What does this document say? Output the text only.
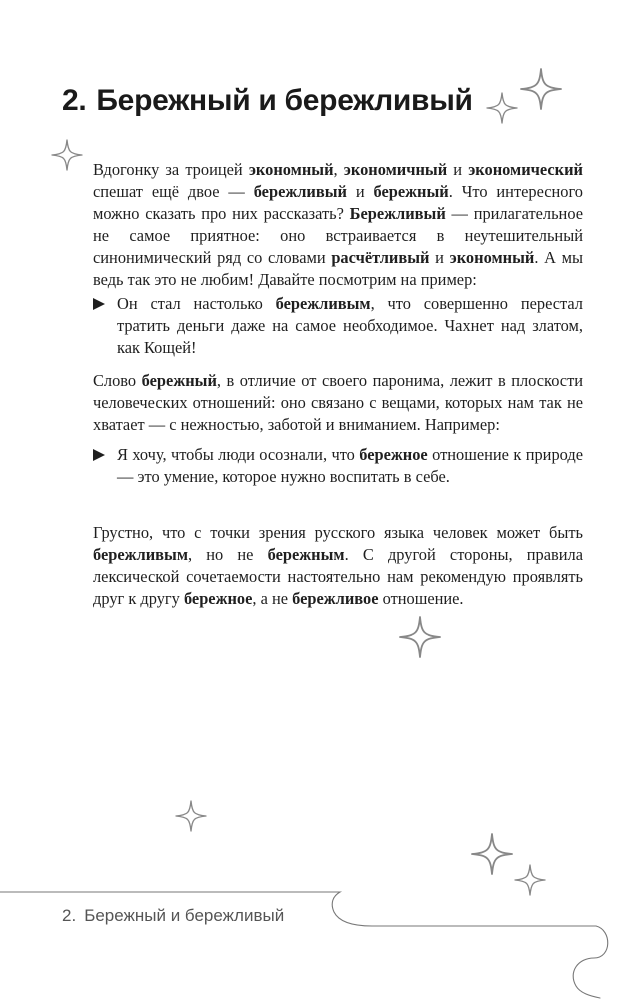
2. Бережный и бережливый

Вдогонку за троицей экономный, экономичный и экономический спешат ещё двое — бережливый и бережный. Что интересного можно сказать про них рассказать? Бережливый — прилагательное не самое приятное: оно встраивается в неутешительный синонимический ряд со словами расчётливый и экономный. А мы ведь так это не любим! Давайте посмотрим на пример:

Он стал настолько бережливым, что совершенно перестал тратить деньги даже на самое необходимое. Чахнет над златом, как Кощей!

Слово бережный, в отличие от своего паронима, лежит в плоскости человеческих отношений: оно связано с вещами, которых нам так не хватает — с нежностью, заботой и вниманием. Например:

Я хочу, чтобы люди осознали, что бережное отношение к природе — это умение, которое нужно воспитать в себе.

Грустно, что с точки зрения русского языка человек может быть бережливым, но не бережным. С другой стороны, правила лексической сочетаемости настоятельно нам рекомендую проявлять друг к другу бережное, а не бережливое отношение.

2. Бережный и бережливый
